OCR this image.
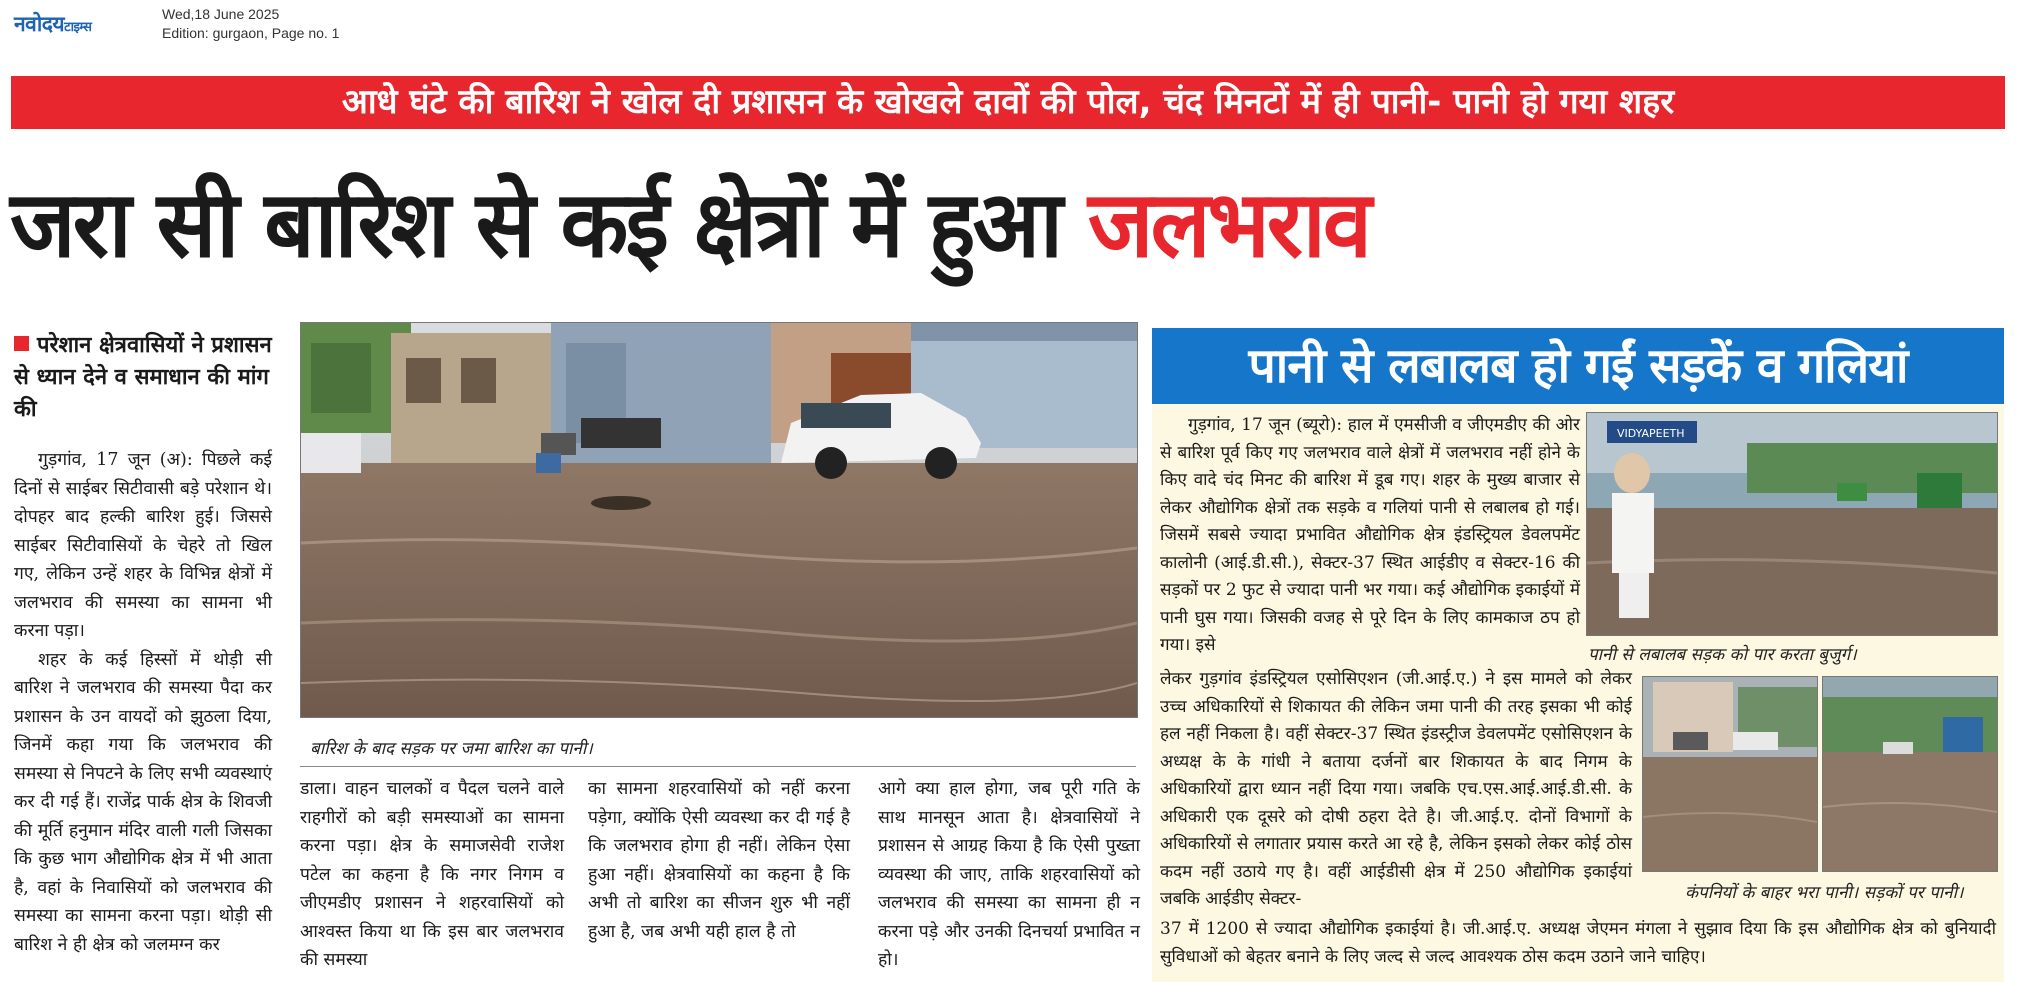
नवोदयटाइम्स
Wed,18 June 2025
Edition: gurgaon, Page no. 1
आधे घंटे की बारिश ने खोल दी प्रशासन के खोखले दावों की पोल, चंद मिनटों में ही पानी- पानी हो गया शहर
जरा सी बारिश से कई क्षेत्रों में हुआ जलभराव
परेशान क्षेत्रवासियों ने प्रशासन से ध्यान देने व समाधान की मांग की

गुड़गांव, 17 जून (अ): पिछले कई दिनों से साईबर सिटीवासी बड़े परेशान थे। दोपहर बाद हल्की बारिश हुई। जिससे साईबर सिटीवासियों के चेहरे तो खिल गए, लेकिन उन्हें शहर के विभिन्न क्षेत्रों में जलभराव की समस्या का सामना भी करना पड़ा।

शहर के कई हिस्सों में थोड़ी सी बारिश ने जलभराव की समस्या पैदा कर प्रशासन के उन वायदों को झुठला दिया, जिनमें कहा गया कि जलभराव की समस्या से निपटने के लिए सभी व्यवस्थाएं कर दी गई हैं। राजेंद्र पार्क क्षेत्र के शिवजी की मूर्ति हनुमान मंदिर वाली गली जिसका कि कुछ भाग औद्योगिक क्षेत्र में भी आता है, वहां के निवासियों को जलभराव की समस्या का सामना करना पड़ा। थोड़ी सी बारिश ने ही क्षेत्र को जलमग्न कर

बारिश के बाद सड़क पर जमा बारिश का पानी।

डाला। वाहन चालकों व पैदल चलने वाले राहगीरों को बड़ी समस्याओं का सामना करना पड़ा। क्षेत्र के समाजसेवी राजेश पटेल का कहना है कि नगर निगम व जीएमडीए प्रशासन ने शहरवासियों को आश्वस्त किया था कि इस बार जलभराव की समस्या

का सामना शहरवासियों को नहीं करना पड़ेगा, क्योंकि ऐसी व्यवस्था कर दी गई है कि जलभराव होगा ही नहीं। लेकिन ऐसा हुआ नहीं। क्षेत्रवासियों का कहना है कि अभी तो बारिश का सीजन शुरु भी नहीं हुआ है, जब अभी यही हाल है तो

आगे क्या हाल होगा, जब पूरी गति के साथ मानसून आता है। क्षेत्रवासियों ने प्रशासन से आग्रह किया है कि ऐसी पुख्ता व्यवस्था की जाए, ताकि शहरवासियों को जलभराव की समस्या का सामना ही न करना पड़े और उनकी दिनचर्या प्रभावित न हो।

पानी से लबालब हो गईं सड़कें व गलियां

गुड़गांव, 17 जून (ब्यूरो): हाल में एमसीजी व जीएमडीए की ओर से बारिश पूर्व किए गए जलभराव वाले क्षेत्रों में जलभराव नहीं होने के किए वादे चंद मिनट की बारिश में डूब गए। शहर के मुख्य बाजार से लेकर औद्योगिक क्षेत्रों तक सड़के व गलियां पानी से लबालब हो गई। जिसमें सबसे ज्यादा प्रभावित औद्योगिक क्षेत्र इंडस्ट्रियल डेवलपमेंट कालोनी (आई.डी.सी.), सेक्टर-37 स्थित आईडीए व सेक्टर-16 की सड़कों पर 2 फुट से ज्यादा पानी भर गया। कई औद्योगिक इकाईयों में पानी घुस गया। जिसकी वजह से पूरे दिन के लिए कामकाज ठप हो गया। इसे

VIDYAPEETH
पानी से लबालब सड़क को पार करता बुजुर्ग।

लेकर गुड़गांव इंडस्ट्रियल एसोसिएशन (जी.आई.ए.) ने इस मामले को लेकर उच्च अधिकारियों से शिकायत की लेकिन जमा पानी की तरह इसका भी कोई हल नहीं निकला है। वहीं सेक्टर-37 स्थित इंडस्ट्रीज डेवलपमेंट एसोसिएशन के अध्यक्ष के के गांधी ने बताया दर्जनों बार शिकायत के बाद निगम के अधिकारियों द्वारा ध्यान नहीं दिया गया। जबकि एच.एस.आई.आई.डी.सी. के अधिकारी एक दूसरे को दोषी ठहरा देते है। जी.आई.ए. दोनों विभागों के अधिकारियों से लगातार प्रयास करते आ रहे है, लेकिन इसको लेकर कोई ठोस कदम नहीं उठाये गए है। वहीं आईडीसी क्षेत्र में 250 औद्योगिक इकाईयां जबकि आईडीए सेक्टर-	कंपनियों के बाहर भरा पानी। सड़कों पर पानी।

37 में 1200 से ज्यादा औद्योगिक इकाईयां है। जी.आई.ए. अध्यक्ष जेएमन मंगला ने सुझाव दिया कि इस औद्योगिक क्षेत्र को बुनियादी सुविधाओं को बेहतर बनाने के लिए जल्द से जल्द आवश्यक ठोस कदम उठाने जाने चाहिए।
